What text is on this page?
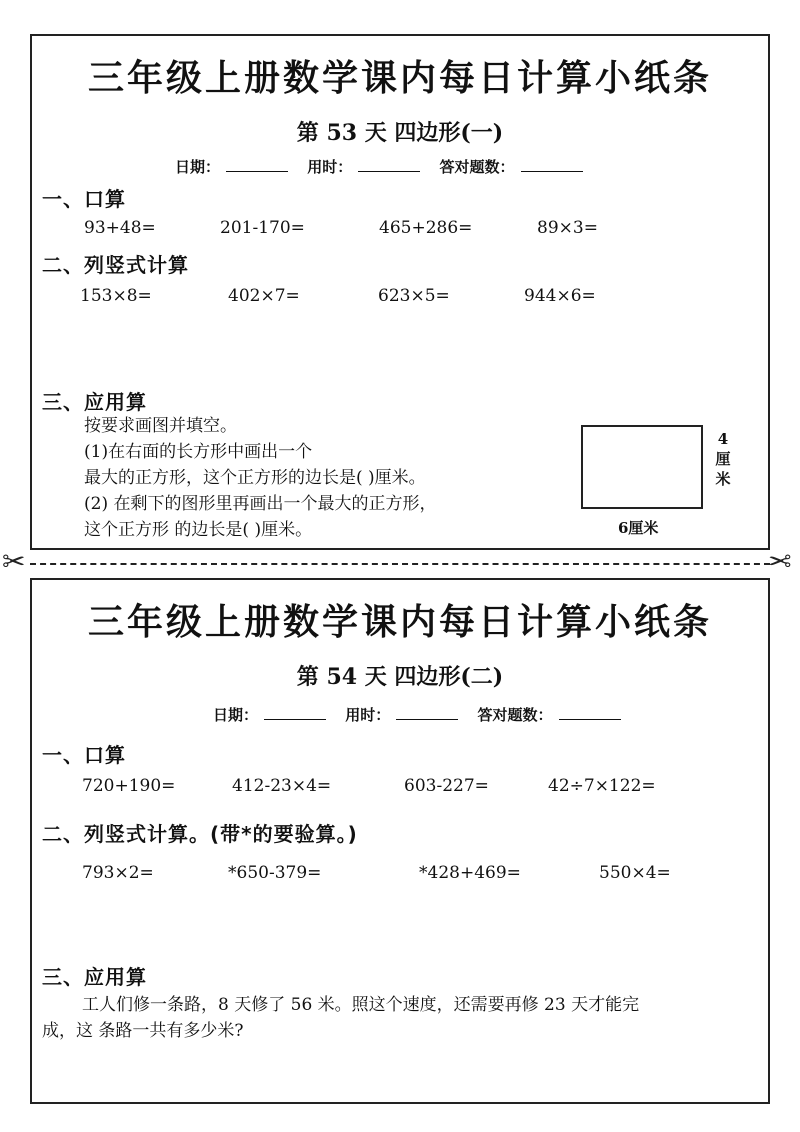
三年级上册数学课内每日计算小纸条
第 53 天 四边形(一)
日期：	用时：	答对题数：
一、口算
93+48=	201-170=	465+286=	89×3=
二、列竖式计算
153×8=	402×7=	623×5=	944×6=
三、应用算
按要求画图并填空。
(1)在右面的长方形中画出一个
最大的正方形，这个正方形的边长是( )厘米。
(2) 在剩下的图形里再画出一个最大的正方形，
这个正方形 的边长是( )厘米。
4厘米
6厘米
✂	✂
三年级上册数学课内每日计算小纸条
第 54 天 四边形(二)
日期：	用时：	答对题数：
一、口算
720+190=	412-23×4=	603-227=	42÷7×122=
二、列竖式计算。(带*的要验算。)
793×2=	*650-379=	*428+469=	550×4=
三、应用算
工人们修一条路，8 天修了 56 米。照这个速度，还需要再修 23 天才能完
成，这 条路一共有多少米?
